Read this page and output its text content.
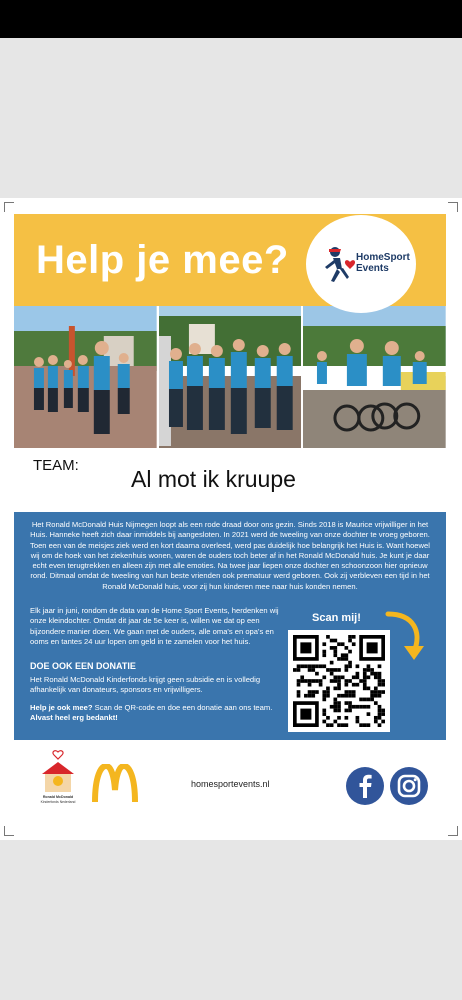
Help je mee?	HomeSport
Events
TEAM:
Al mot ik kruupe

Het Ronald McDonald Huis Nijmegen loopt als een rode draad door ons gezin. Sinds 2018 is Maurice vrijwilliger in het Huis. Hanneke heeft zich daar inmiddels bij aangesloten. In 2021 werd de tweeling van onze dochter te vroeg geboren. Toen een van de meisjes ziek werd en kort daarna overleed, werd pas duidelijk hoe belangrijk het Huis is. Want hoewel wij om de hoek van het ziekenhuis wonen, waren de ouders toch beter af in het Ronald McDonald huis. Je kunt je daar echt even terugtrekken en alleen zijn met alle emoties. Na twee jaar liepen onze dochter en schoonzoon hier opnieuw rond. Ditmaal omdat de tweeling van hun beste vrienden ook prematuur werd geboren. Ook zij verbleven een tijd in het Ronald McDonald huis, voor zij hun kinderen mee naar huis konden nemen.

Elk jaar in juni, rondom de data van de Home Sport Events, herdenken wij onze kleindochter. Omdat dit jaar de 5e keer is, willen we dat op een bijzondere manier doen. We gaan met de ouders, alle oma's en opa's en ooms en tantes 24 uur lopen om geld in te zamelen voor het huis.

DOE OOK EEN DONATIE

Het Ronald McDonald Kinderfonds krijgt geen subsidie en is volledig afhankelijk van donateurs, sponsors en vrijwilligers.

Help je ook mee? Scan de QR-code en doe een donatie aan ons team. Alvast heel erg bedankt!

Scan mij!
Ronald McDonald
Kinderfonds Nederland
homesportevents.nl
